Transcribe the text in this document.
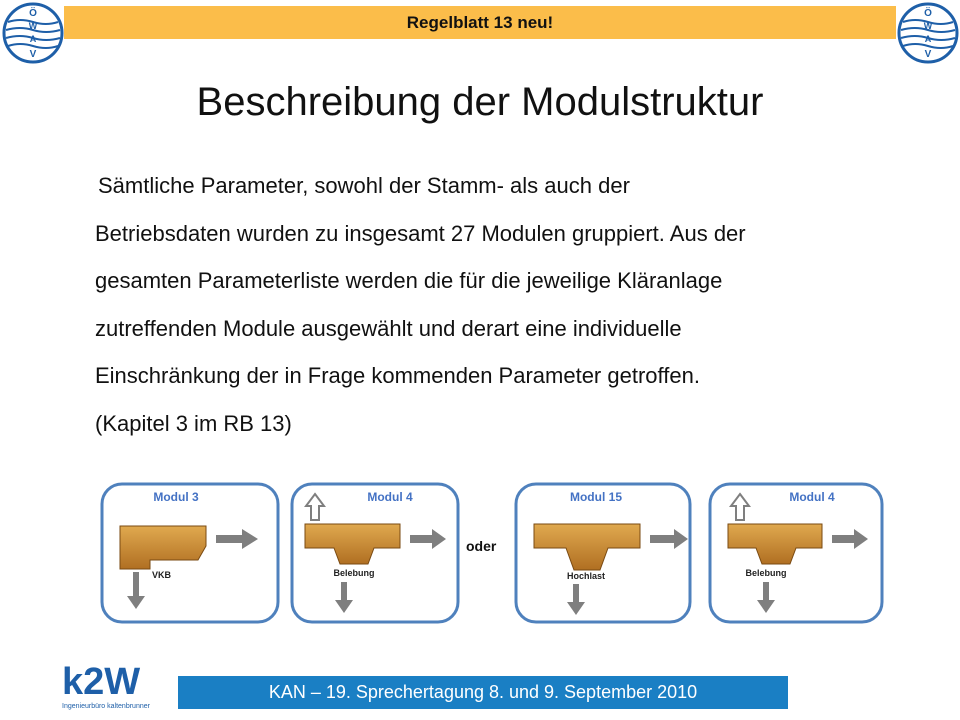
Regelblatt 13 neu!
Ö
W
A
V
Ö
W
A
V
Beschreibung der Modulstruktur
Sämtliche Parameter, sowohl der Stamm- als auch der
Betriebsdaten wurden zu insgesamt 27 Modulen gruppiert. Aus der
gesamten Parameterliste werden die für die jeweilige Kläranlage
zutreffenden Module ausgewählt und derart eine individuelle
Einschränkung der in Frage kommenden Parameter getroffen.
(Kapitel 3 im RB 13)
Modul 3
VKB
Modul 4
Belebung
Modul 15
Hochlast
Modul 4
Belebung
oder
k2W
Ingenieurbüro kaltenbrunner
KAN – 19. Sprechertagung 8. und 9. September 2010
